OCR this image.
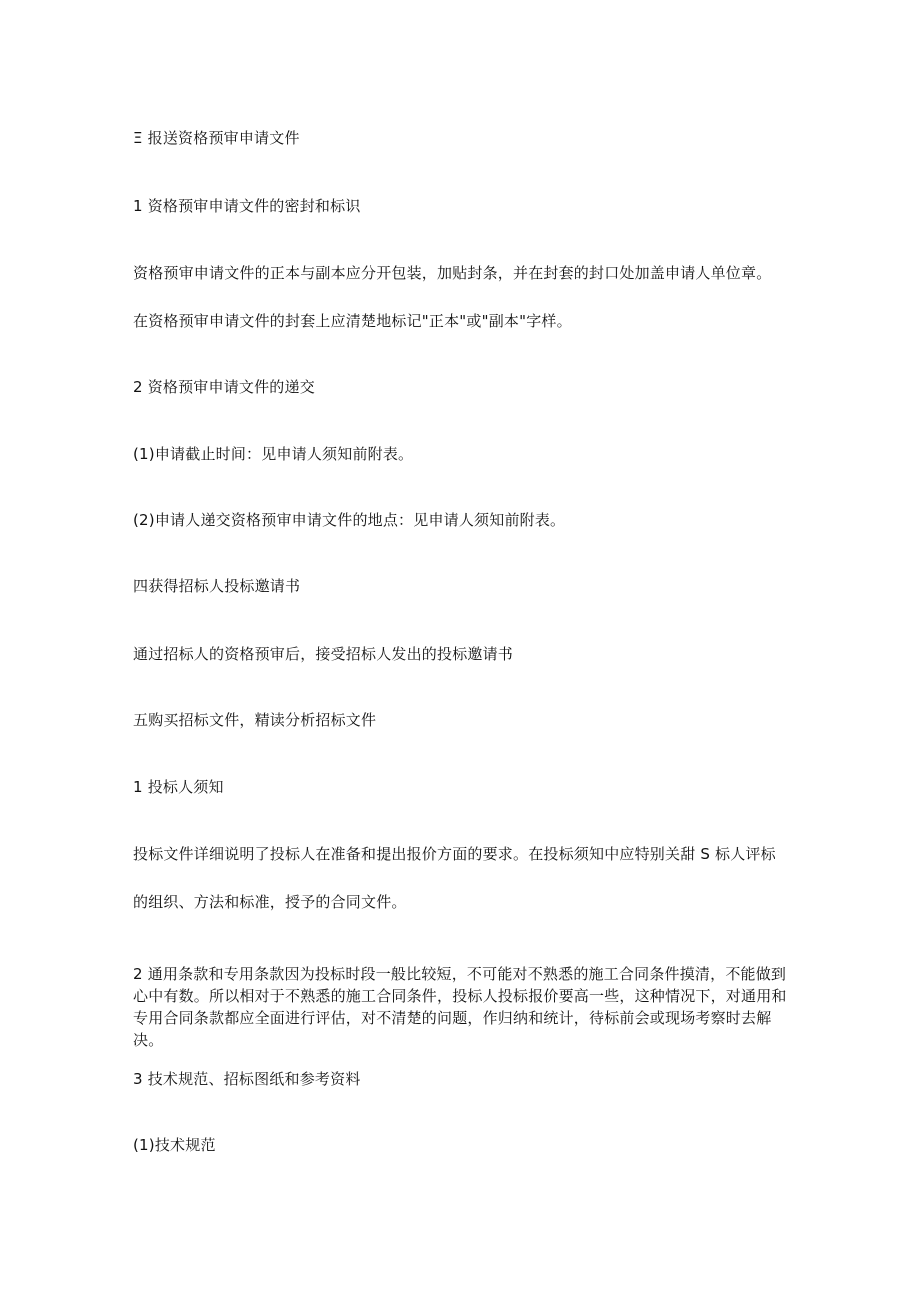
Ξ 报送资格预审申请文件
1 资格预审申请文件的密封和标识
资格预审申请文件的正本与副本应分开包装，加贴封条，并在封套的封口处加盖申请人单位章。
在资格预审申请文件的封套上应清楚地标记"正本"或"副本"字样。
2 资格预审申请文件的递交
(1)申请截止时间：见申请人须知前附表。
(2)申请人递交资格预审申请文件的地点：见申请人须知前附表。
四获得招标人投标邀请书
通过招标人的资格预审后，接受招标人发出的投标邀请书
五购买招标文件，精读分析招标文件
1 投标人须知
投标文件详细说明了投标人在准备和提出报价方面的要求。在投标须知中应特别关甜 S 标人评标
的组织、方法和标准，授予的合同文件。
2 通用条款和专用条款因为投标时段一般比较短，不可能对不熟悉的施工合同条件摸清，不能做到心中有数。所以相对于不熟悉的施工合同条件，投标人投标报价要高一些，这种情况下，对通用和专用合同条款都应全面进行评估，对不清楚的问题，作归纳和统计，待标前会或现场考察时去解决。
3 技术规范、招标图纸和参考资料
(1)技术规范
